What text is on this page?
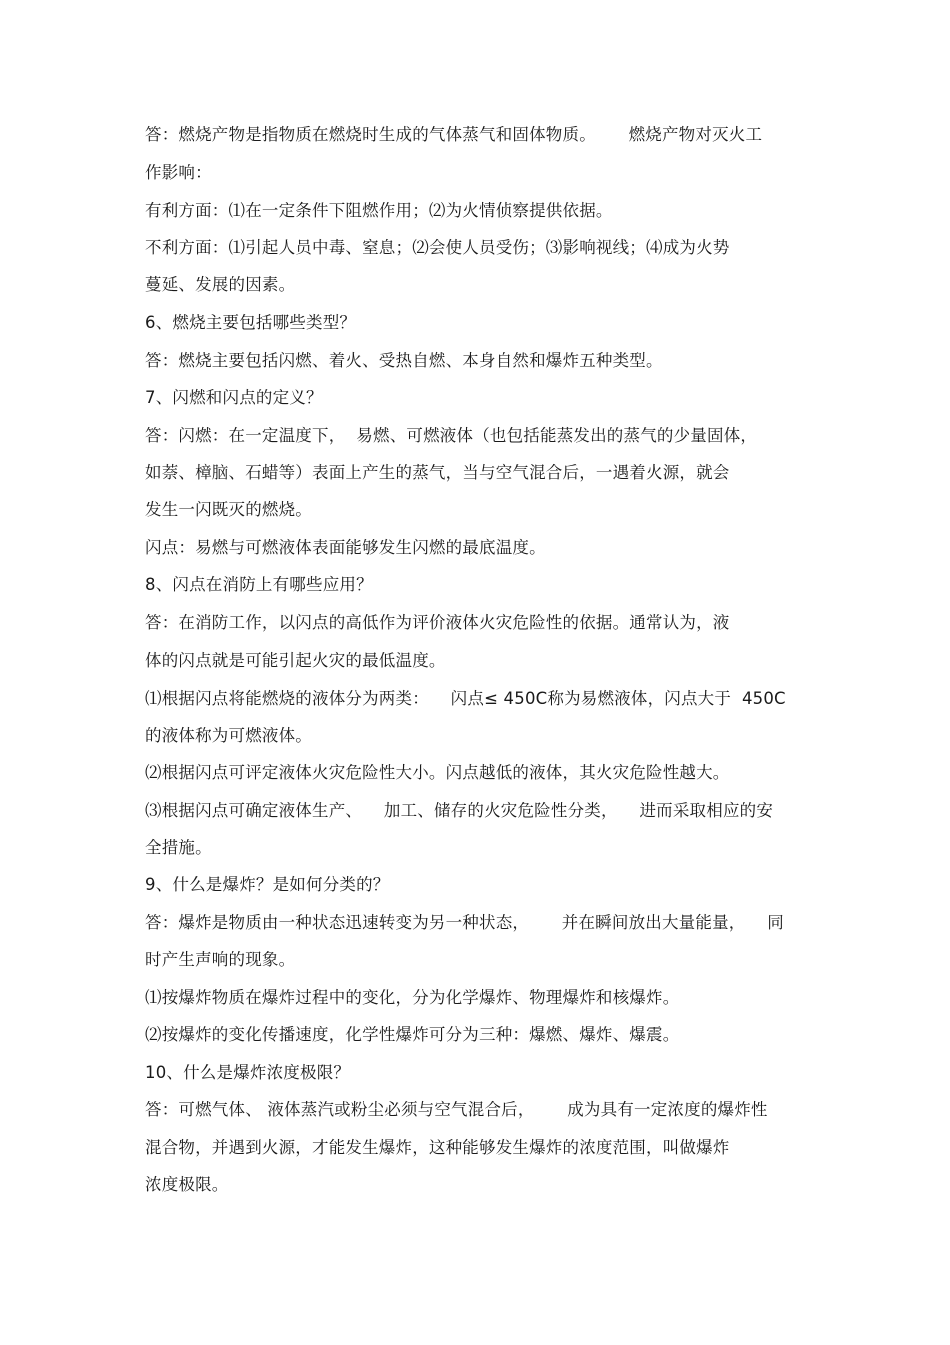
答：燃烧产物是指物质在燃烧时生成的气体蒸气和固体物质。      燃烧产物对灭火工
作影响：
有利方面：⑴在一定条件下阻燃作用；⑵为火情侦察提供依据。
不利方面：⑴引起人员中毒、窒息；⑵会使人员受伤；⑶影响视线；⑷成为火势
蔓延、发展的因素。
6、燃烧主要包括哪些类型？
答：燃烧主要包括闪燃、着火、受热自燃、本身自然和爆炸五种类型。
7、闪燃和闪点的定义？
答：闪燃：在一定温度下，  易燃、可燃液体（也包括能蒸发出的蒸气的少量固体，
如萘、樟脑、石蜡等）表面上产生的蒸气，当与空气混合后，一遇着火源，就会
发生一闪既灭的燃烧。
闪点：易燃与可燃液体表面能够发生闪燃的最底温度。
8、闪点在消防上有哪些应用？
答：在消防工作，以闪点的高低作为评价液体火灾危险性的依据。通常认为，液
体的闪点就是可能引起火灾的最低温度。
⑴根据闪点将能燃烧的液体分为两类：    闪点≤ 450C称为易燃液体，闪点大于  450C
的液体称为可燃液体。
⑵根据闪点可评定液体火灾危险性大小。闪点越低的液体，其火灾危险性越大。
⑶根据闪点可确定液体生产、    加工、储存的火灾危险性分类，    进而采取相应的安
全措施。
9、什么是爆炸？是如何分类的？
答：爆炸是物质由一种状态迅速转变为另一种状态，      并在瞬间放出大量能量，    同
时产生声响的现象。
⑴按爆炸物质在爆炸过程中的变化，分为化学爆炸、物理爆炸和核爆炸。
⑵按爆炸的变化传播速度，化学性爆炸可分为三种：爆燃、爆炸、爆震。
10、什么是爆炸浓度极限？
答：可燃气体、 液体蒸汽或粉尘必须与空气混合后，      成为具有一定浓度的爆炸性
混合物，并遇到火源，才能发生爆炸，这种能够发生爆炸的浓度范围，叫做爆炸
浓度极限。
